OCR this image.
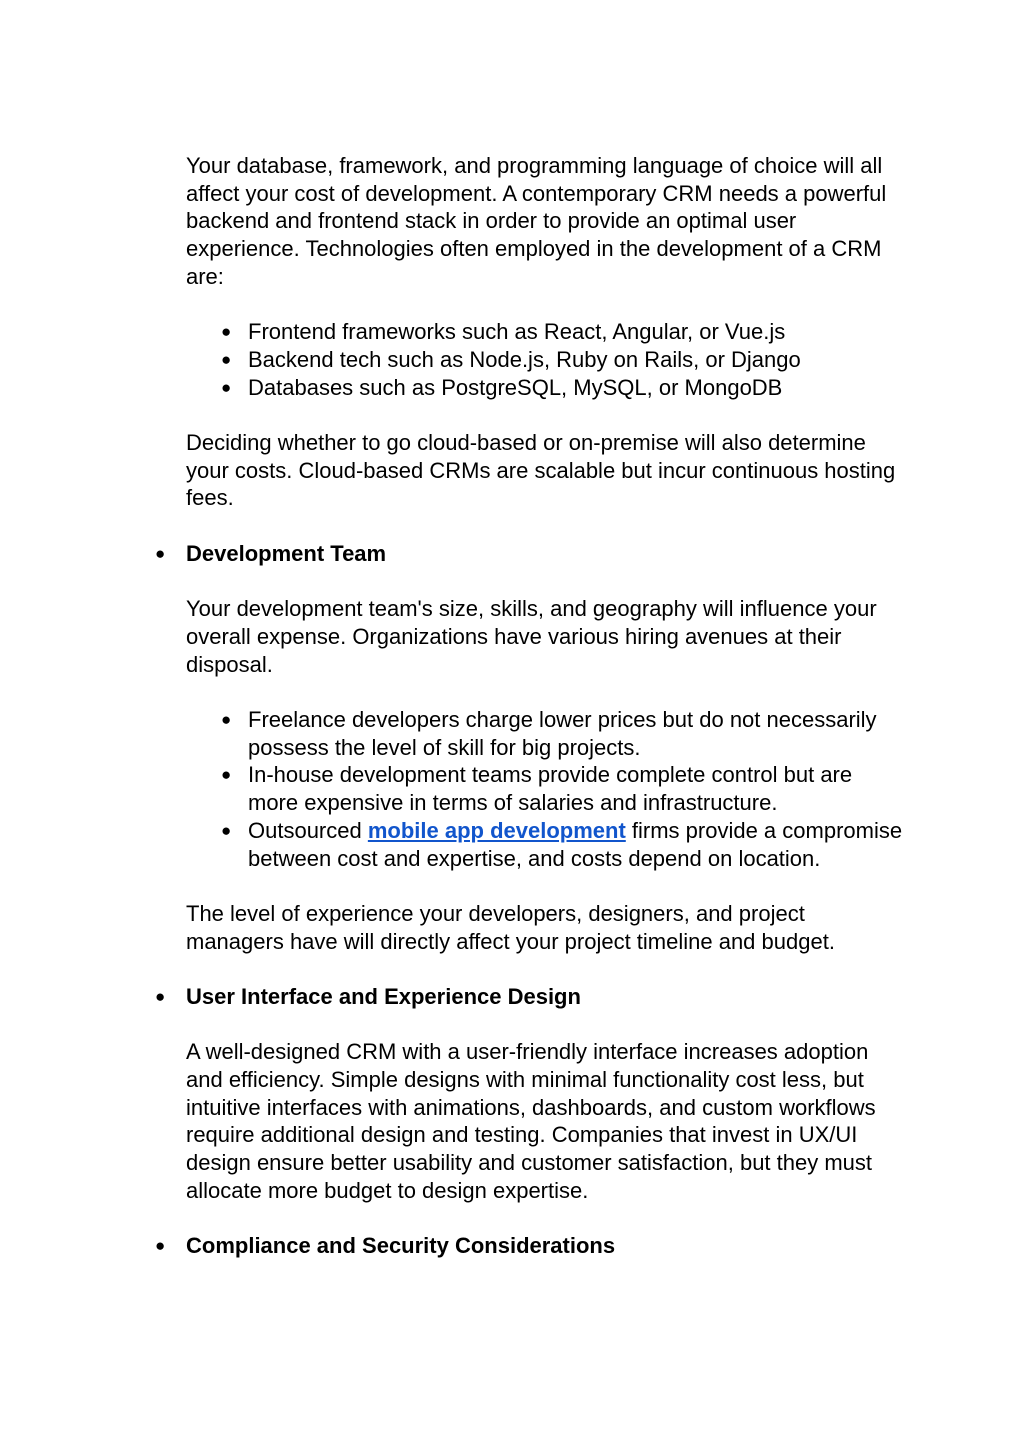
Your database, framework, and programming language of choice will all affect your cost of development. A contemporary CRM needs a powerful backend and frontend stack in order to provide an optimal user experience. Technologies often employed in the development of a CRM are:

● Frontend frameworks such as React, Angular, or Vue.js
● Backend tech such as Node.js, Ruby on Rails, or Django
● Databases such as PostgreSQL, MySQL, or MongoDB

Deciding whether to go cloud-based or on-premise will also determine your costs. Cloud-based CRMs are scalable but incur continuous hosting fees.

● Development Team

Your development team's size, skills, and geography will influence your overall expense. Organizations have various hiring avenues at their disposal.

● Freelance developers charge lower prices but do not necessarily possess the level of skill for big projects.
● In-house development teams provide complete control but are more expensive in terms of salaries and infrastructure.
● Outsourced mobile app development firms provide a compromise between cost and expertise, and costs depend on location.

The level of experience your developers, designers, and project managers have will directly affect your project timeline and budget.

● User Interface and Experience Design

A well-designed CRM with a user-friendly interface increases adoption and efficiency. Simple designs with minimal functionality cost less, but intuitive interfaces with animations, dashboards, and custom workflows require additional design and testing. Companies that invest in UX/UI design ensure better usability and customer satisfaction, but they must allocate more budget to design expertise.

● Compliance and Security Considerations
